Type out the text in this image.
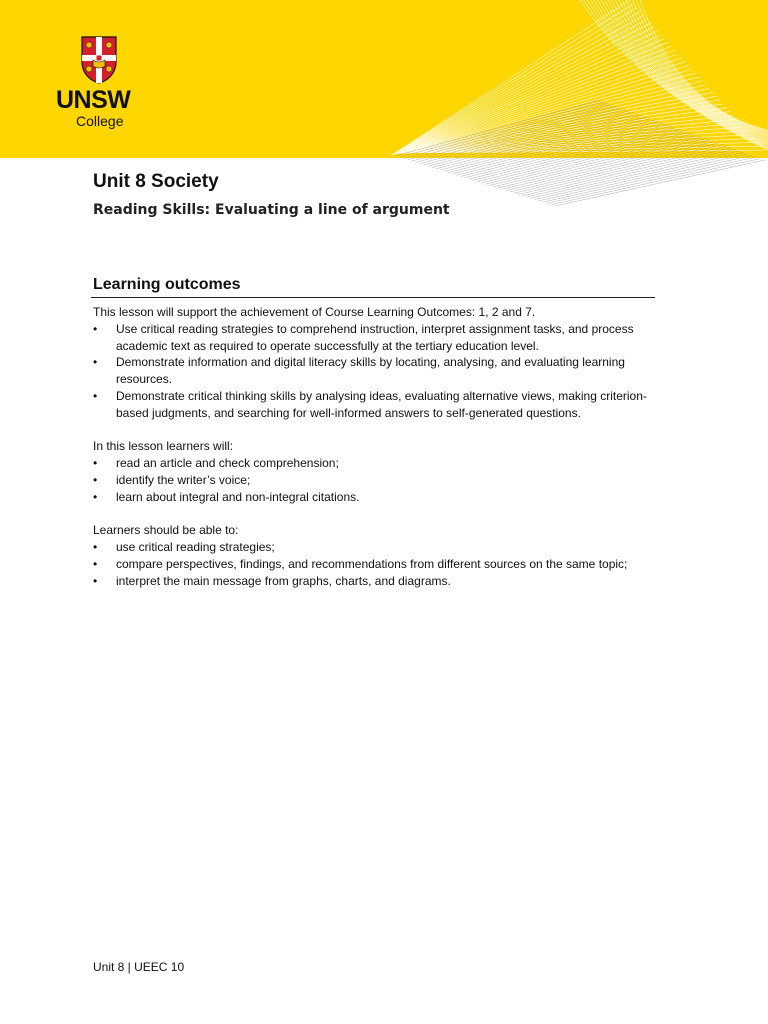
UNSW
College
Unit 8 Society
Reading Skills: Evaluating a line of argument
Learning outcomes

This lesson will support the achievement of Course Learning Outcomes: 1, 2 and 7.

• Use critical reading strategies to comprehend instruction, interpret assignment tasks, and process academic text as required to operate successfully at the tertiary education level.
• Demonstrate information and digital literacy skills by locating, analysing, and evaluating learning resources.
• Demonstrate critical thinking skills by analysing ideas, evaluating alternative views, making criterion-based judgments, and searching for well-informed answers to self-generated questions.

In this lesson learners will:

• read an article and check comprehension;
• identify the writer’s voice;
• learn about integral and non-integral citations.

Learners should be able to:

• use critical reading strategies;
• compare perspectives, findings, and recommendations from different sources on the same topic;
• interpret the main message from graphs, charts, and diagrams.
Unit 8 | UEEC 10
